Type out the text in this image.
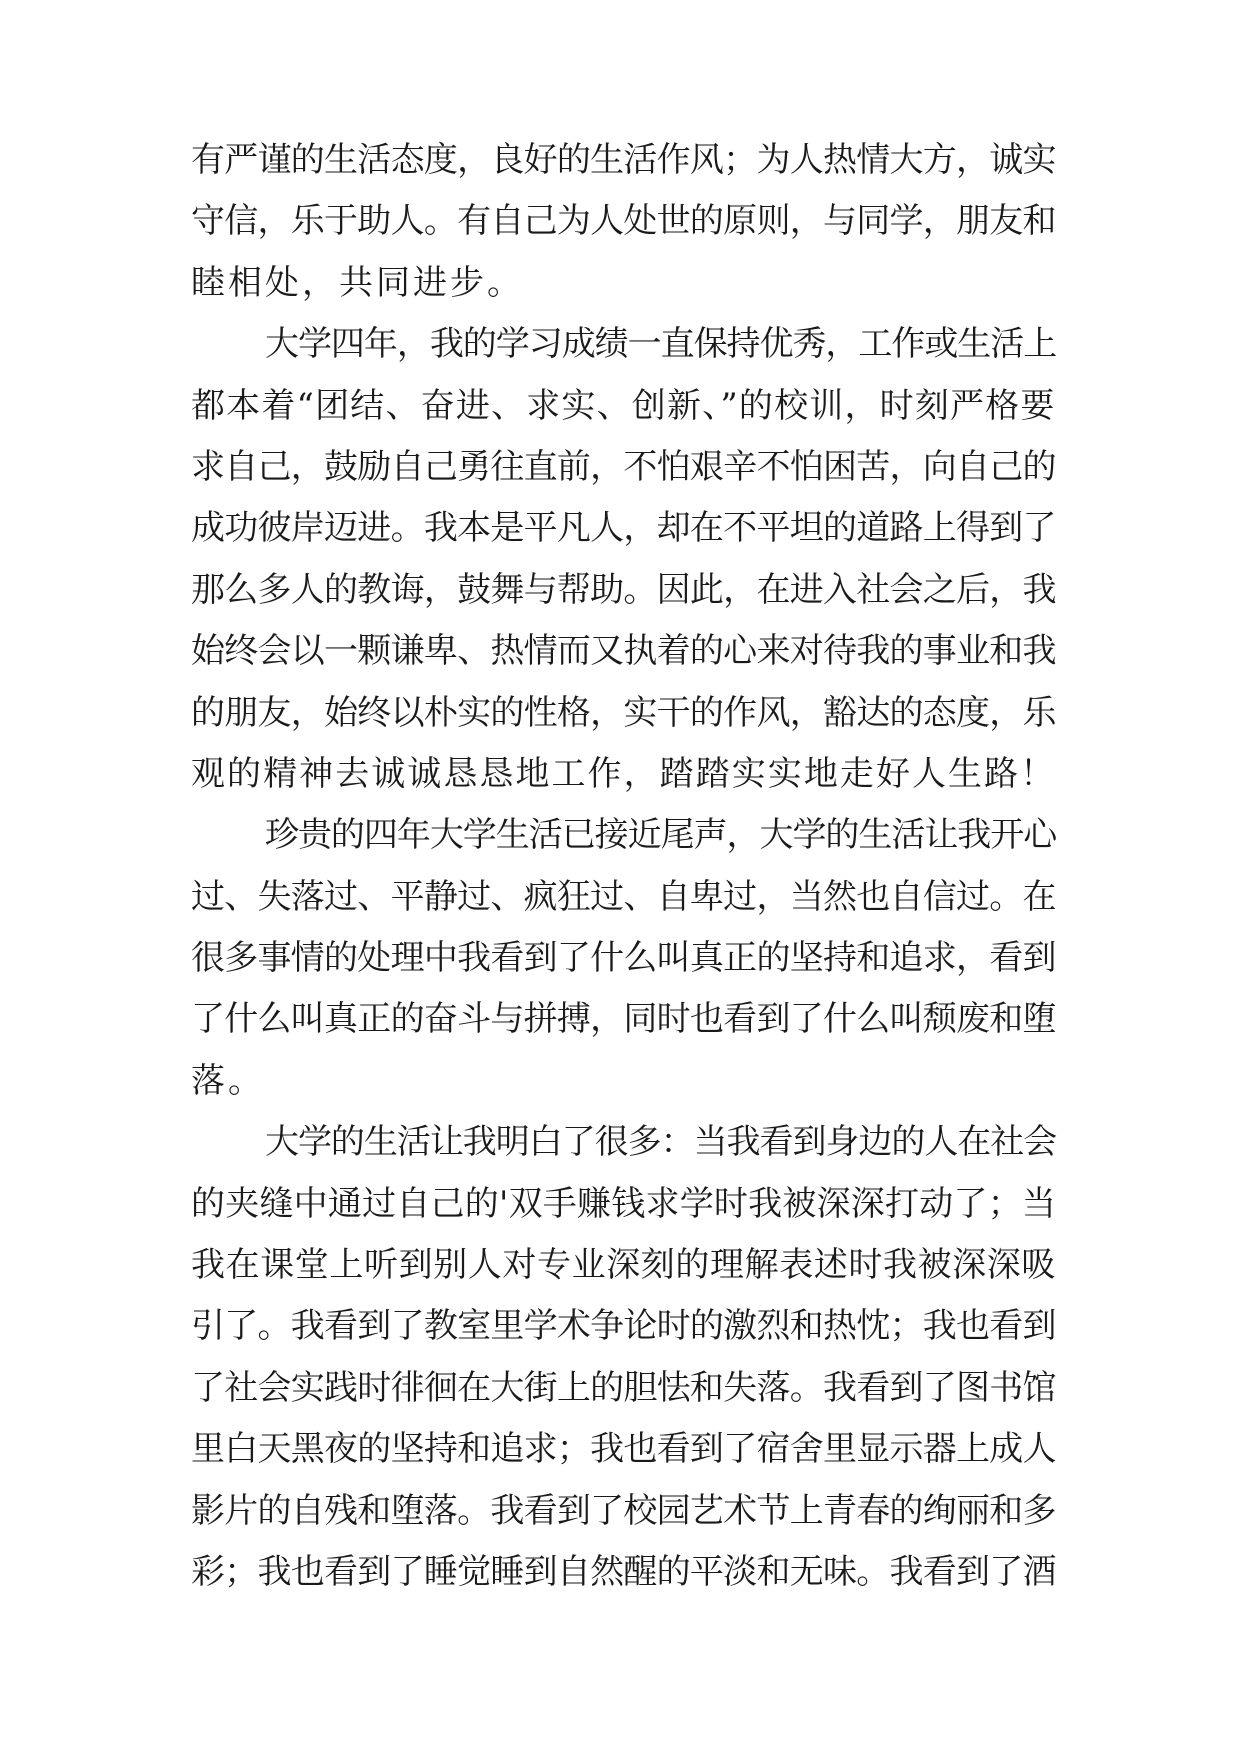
有严谨的生活态度，良好的生活作风；为人热情大方，诚实
守信，乐于助人。有自己为人处世的原则，与同学，朋友和
睦相处，共同进步。
大学四年，我的学习成绩一直保持优秀，工作或生活上
都本着“团结、奋进、求实、创新、”的校训，时刻严格要
求自己，鼓励自己勇往直前，不怕艰辛不怕困苦，向自己的
成功彼岸迈进。我本是平凡人，却在不平坦的道路上得到了
那么多人的教诲，鼓舞与帮助。因此，在进入社会之后，我
始终会以一颗谦卑、热情而又执着的心来对待我的事业和我
的朋友，始终以朴实的性格，实干的作风，豁达的态度，乐
观的精神去诚诚恳恳地工作，踏踏实实地走好人生路！
珍贵的四年大学生活已接近尾声，大学的生活让我开心
过、失落过、平静过、疯狂过、自卑过，当然也自信过。在
很多事情的处理中我看到了什么叫真正的坚持和追求，看到
了什么叫真正的奋斗与拼搏，同时也看到了什么叫颓废和堕
落。
大学的生活让我明白了很多：当我看到身边的人在社会
的夹缝中通过自己的'双手赚钱求学时我被深深打动了；当
我在课堂上听到别人对专业深刻的理解表述时我被深深吸
引了。我看到了教室里学术争论时的激烈和热忱；我也看到
了社会实践时徘徊在大街上的胆怯和失落。我看到了图书馆
里白天黑夜的坚持和追求；我也看到了宿舍里显示器上成人
影片的自残和堕落。我看到了校园艺术节上青春的绚丽和多
彩；我也看到了睡觉睡到自然醒的平淡和无味。我看到了酒
